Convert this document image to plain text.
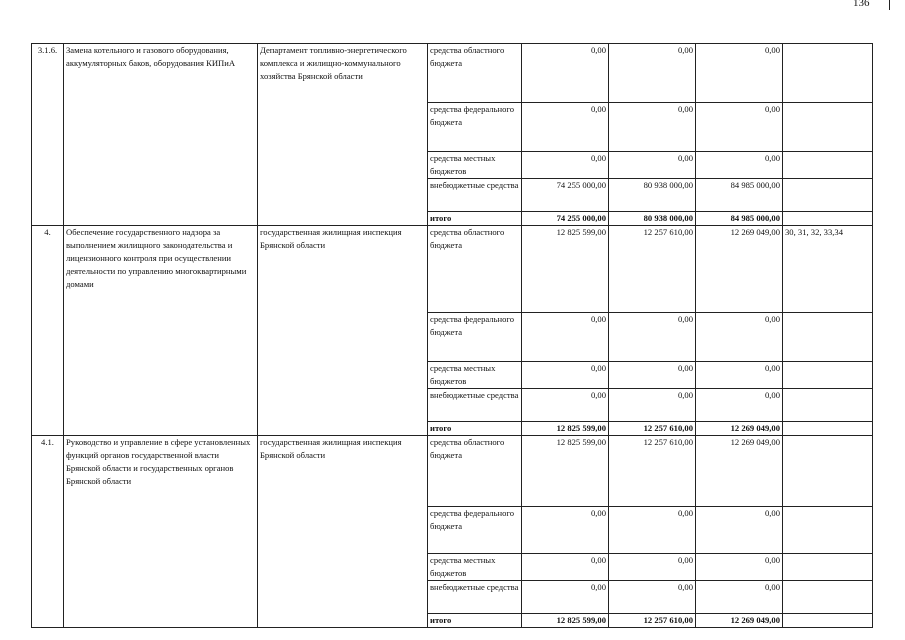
136
3.1.6.	Замена котельного и газового оборудования, аккумуляторных баков, оборудования КИПиА	Департамент топливно-энергетического комплекса и жилищно-коммунального хозяйства Брянской области	средства областного бюджета	0,00	0,00	0,00	
			средства федерального бюджета	0,00	0,00	0,00	
			средства местных бюджетов	0,00	0,00	0,00	
			внебюджетные средства	74 255 000,00	80 938 000,00	84 985 000,00	
			итого	74 255 000,00	80 938 000,00	84 985 000,00	
4.	Обеспечение государственного надзора за выполнением жилищного законодательства и лицензионного контроля при осуществлении деятельности по управлению многоквартирными домами	государственная жилищная инспекция Брянской области	средства областного бюджета	12 825 599,00	12 257 610,00	12 269 049,00	30, 31, 32, 33,34
			средства федерального бюджета	0,00	0,00	0,00	
			средства местных бюджетов	0,00	0,00	0,00	
			внебюджетные средства	0,00	0,00	0,00	
			итого	12 825 599,00	12 257 610,00	12 269 049,00	
4.1.	Руководство и управление в сфере установленных функций органов государственной власти Брянской области и государственных органов Брянской области	государственная жилищная инспекция Брянской области	средства областного бюджета	12 825 599,00	12 257 610,00	12 269 049,00	
			средства федерального бюджета	0,00	0,00	0,00	
			средства местных бюджетов	0,00	0,00	0,00	
			внебюджетные средства	0,00	0,00	0,00	
			итого	12 825 599,00	12 257 610,00	12 269 049,00	
